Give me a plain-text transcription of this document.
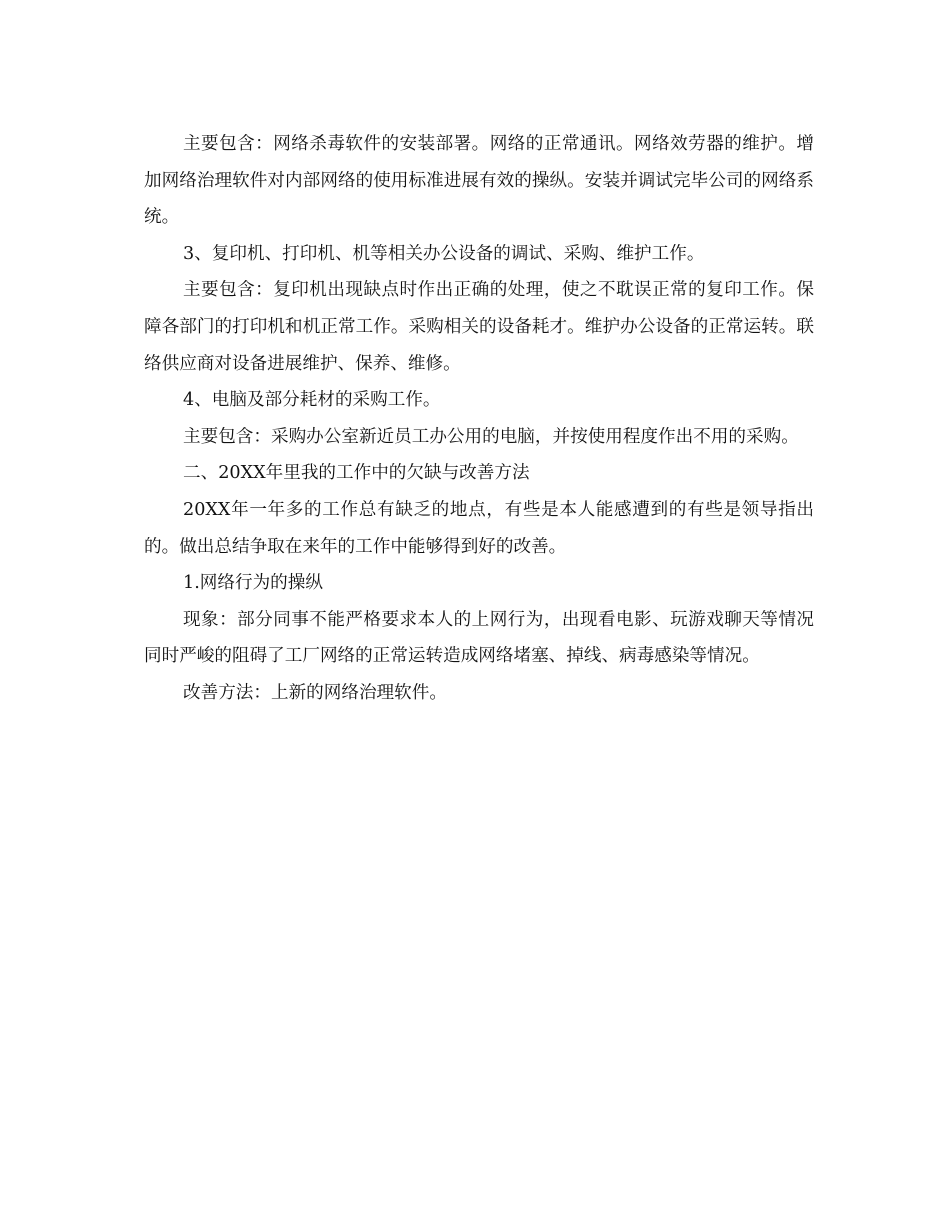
主要包含：网络杀毒软件的安装部署。网络的正常通讯。网络效劳器的维护。增加网络治理软件对内部网络的使用标准进展有效的操纵。安装并调试完毕公司的网络系统。

3、复印机、打印机、机等相关办公设备的调试、采购、维护工作。

主要包含：复印机出现缺点时作出正确的处理，使之不耽误正常的复印工作。保障各部门的打印机和机正常工作。采购相关的设备耗才。维护办公设备的正常运转。联络供应商对设备进展维护、保养、维修。

4、电脑及部分耗材的采购工作。

主要包含：采购办公室新近员工办公用的电脑，并按使用程度作出不用的采购。

二、20XX年里我的工作中的欠缺与改善方法

20XX年一年多的工作总有缺乏的地点，有些是本人能感遭到的有些是领导指出的。做出总结争取在来年的工作中能够得到好的改善。

1.网络行为的操纵

现象：部分同事不能严格要求本人的上网行为，出现看电影、玩游戏聊天等情况同时严峻的阻碍了工厂网络的正常运转造成网络堵塞、掉线、病毒感染等情况。

改善方法：上新的网络治理软件。
